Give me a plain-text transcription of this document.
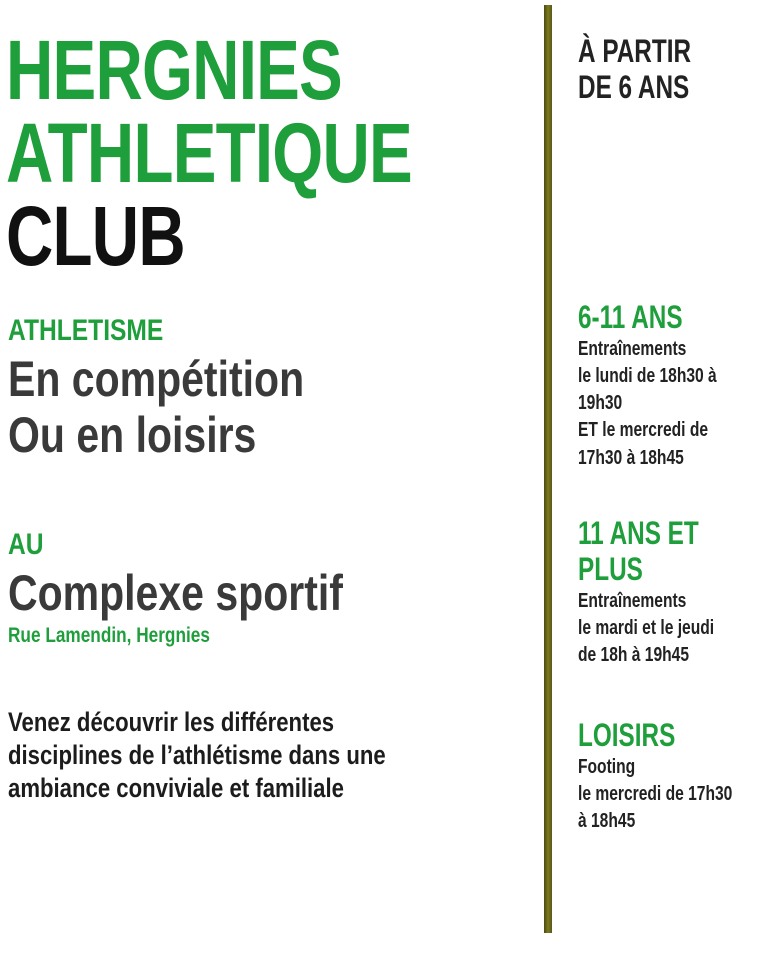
HERGNIES
ATHLETIQUE
CLUB
ATHLETISME
En compétition
Ou en loisirs
AU
Complexe sportif
Rue Lamendin, Hergnies
Venez découvrir les différentes
disciplines de l’athlétisme dans une
ambiance conviviale et familiale
À PARTIR
DE 6 ANS
6-11 ANS
Entraînements
le lundi de 18h30 à
19h30
ET le mercredi de
17h30 à 18h45
11 ANS ET
PLUS
Entraînements
le mardi et le jeudi
de 18h à 19h45
LOISIRS
Footing
le mercredi de 17h30
à 18h45
